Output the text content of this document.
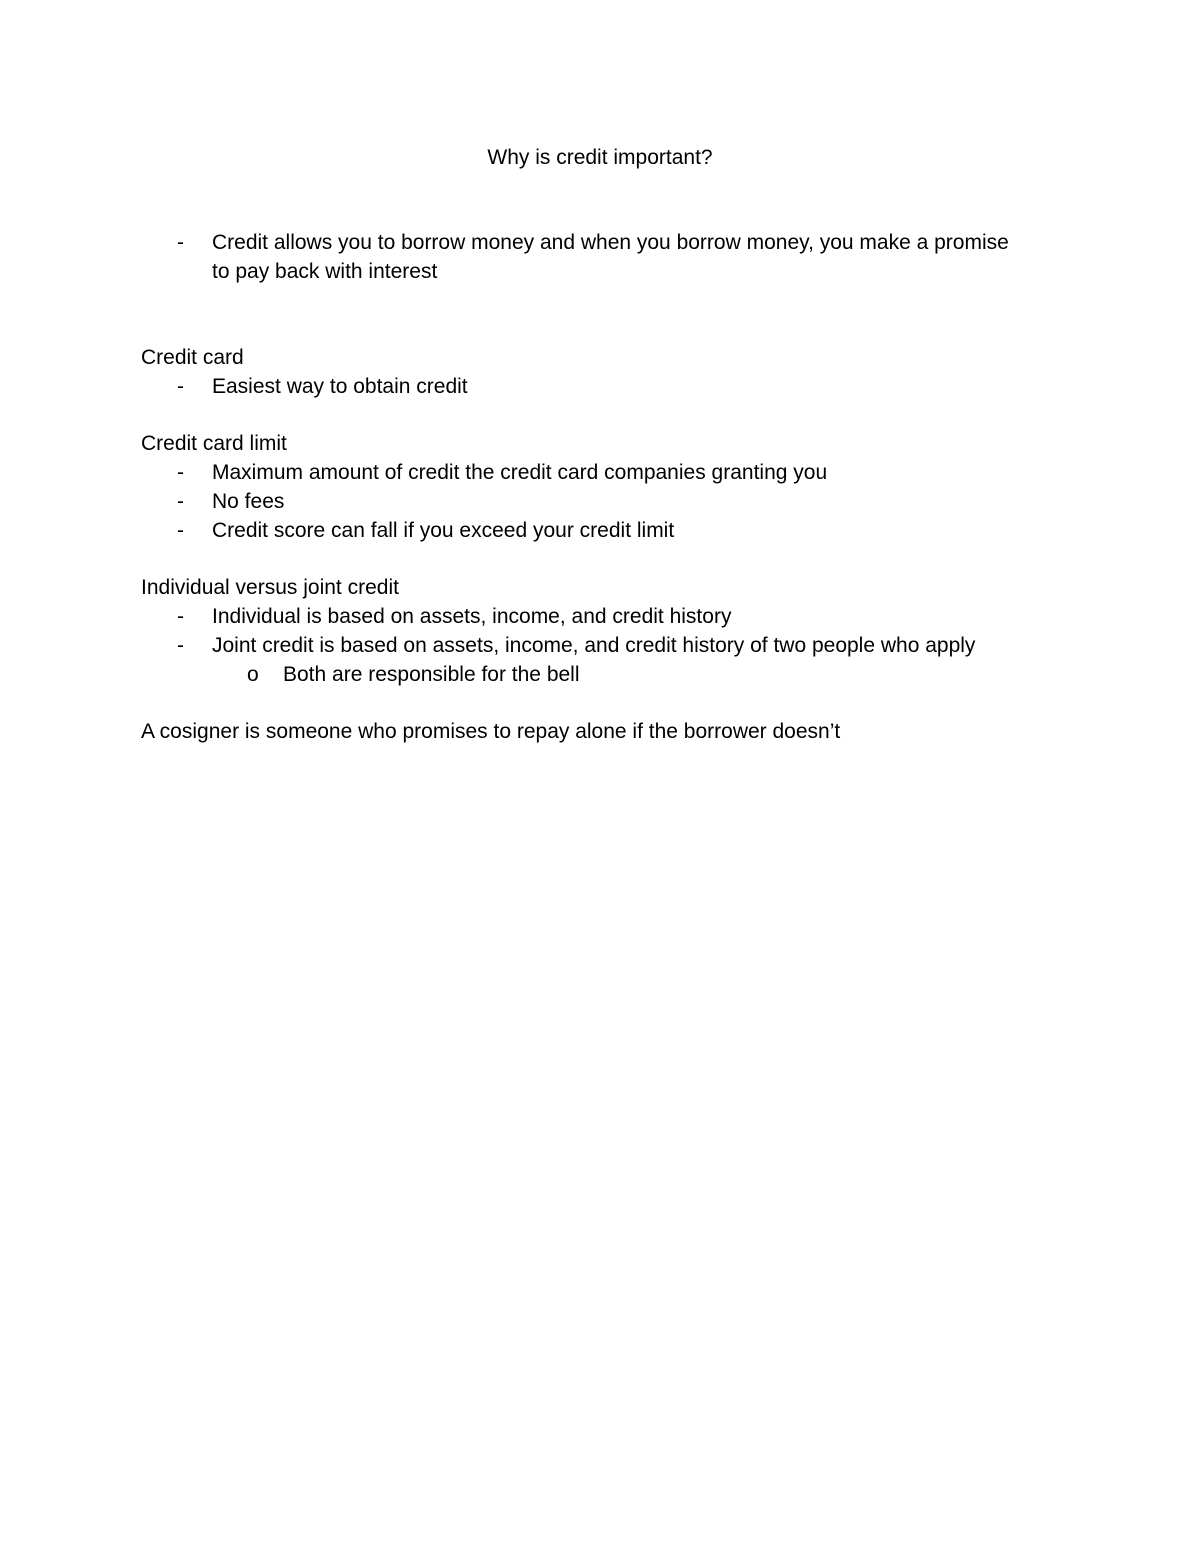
Why is credit important?
- Credit allows you to borrow money and when you borrow money, you make a promise
to pay back with interest
Credit card
- Easiest way to obtain credit
Credit card limit
- Maximum amount of credit the credit card companies granting you
- No fees
- Credit score can fall if you exceed your credit limit
Individual versus joint credit
- Individual is based on assets, income, and credit history
- Joint credit is based on assets, income, and credit history of two people who apply
o Both are responsible for the bell
A cosigner is someone who promises to repay alone if the borrower doesn’t
